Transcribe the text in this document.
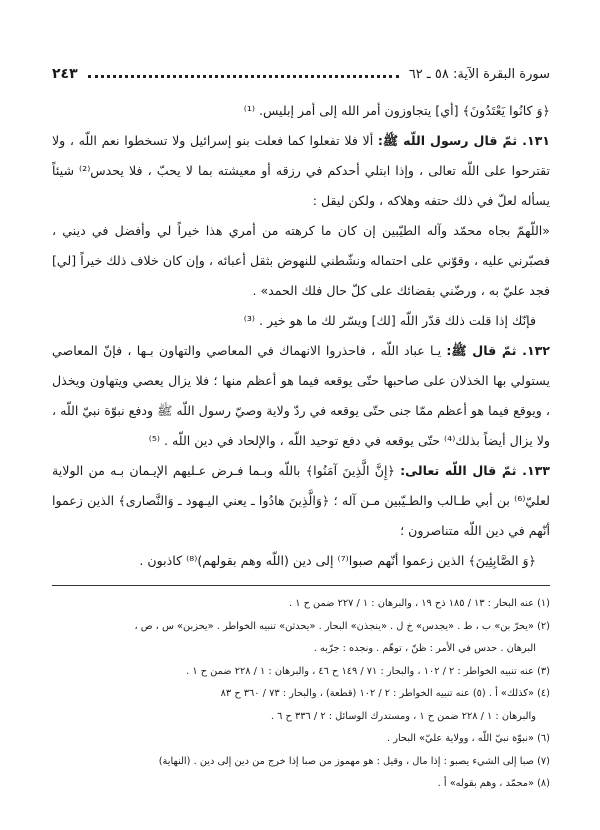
سورة البقرة الآية: ٥٨ ـ ٦٢
٢٤٣

﴿وَ كانُوا يَعْتَدُونَ﴾ [أي] يتجاوزون أمر الله إلى أمر إبليس. ⁽¹⁾

١٣١. ثمّ قال رسول اللّه ﷺ: ألا فلا تفعلوا كما فعلت بنو إسرائيل ولا تسخطوا نعم اللّه ، ولا تقترحوا على اللّه تعالى ، وإذا ابتلي أحدكم في رزقه أو معيشته بما لا يحبّ ، فلا يحدس⁽²⁾ شيئاً يسأله لعلّ في ذلك حتفه وهلاكه ، ولكن ليقل :

«اللّهمّ بجاه محمّد وآله الطيّبين إن كان ما كرهته من أمري هذا خيراً لي وأفضل في ديني ، فصبّرني عليه ، وقوّني على احتماله ونشّطني للنهوض بثقل أعبائه ، وإن كان خلاف ذلك خيراً [لي] فجد عليّ به ، ورضّني بقضائك على كلّ حال فلك الحمد» .

فإنّك إذا قلت ذلك قدّر اللّه [لك] ويسّر لك ما هو خير . ⁽³⁾

١٣٢. ثمّ قال ﷺ: يـا عباد اللّه ، فاحذروا الانهماك في المعاصي والتهاون بـها ، فإنّ المعاصي يستولي بها الخذلان على صاحبها حتّى يوقعه فيما هو أعظم منها ؛ فلا يزال يعصي ويتهاون ويخذل ، ويوقع فيما هو أعظم ممّا جنى حتّى يوقعه في ردّ ولاية وصيّ رسول اللّه ﷺ ودفع نبوّة نبيّ اللّه ، ولا يزال أيضاً بذلك⁽⁴⁾ حتّى يوقعه في دفع توحيد اللّه ، والإلحاد في دين اللّه . ⁽⁵⁾

١٣٣. ثمّ قال اللّه تعالى: ﴿إِنَّ الَّذِينَ آمَنُوا﴾ باللّه وبـما فـرض عـليهم الإيـمان بـه من الولاية لعليّ⁽⁶⁾ بن أبي طـالب والطـيّبين مـن آله ؛ ﴿وَالَّذِينَ هادُوا ـ يعني اليـهود ـ وَالنَّصارى﴾ الذين زعموا أنّهم في دين اللّه متناصرون ؛

﴿وَ الصَّابِئِينَ﴾ الذين زعموا أنّهم صبوا⁽⁷⁾ إلى دين (اللّه وهم بقولهم)⁽⁸⁾ كاذبون .

(١) عنه البحار : ١٣ / ١٨٥ ذح ١٩ ، والبرهان : ١ / ٢٢٧ ضمن ح ١ .

(٢) «يحرّ بن» ب ، ط . «يجدس» خ ل . «ينجذن» البحار . «يحدثن» تنبيه الخواطر . «يحزبن» س ، ص ،

البرهان . حدس في الأمر : ظنّ ، توهّم . ونجده : جرّبه .

(٣) عنه تنبيه الخواطر : ٢ / ١٠٢ ، والبحار : ٧١ / ١٤٩ ح ٤٦ ، والبرهان : ١ / ٢٢٨ ضمن ح ١ .

(٤) «كذلك» أ . (٥) عنه تنبيه الخواطر : ٢ / ١٠٢ (قطعة) ، والبحار : ٧٣ / ٣٦٠ ح ٨٣

والبرهان : ١ / ٢٢٨ ضمن ح ١ ، ومستدرك الوسائل : ٢ / ٣٣٦ ح ٦ .

(٦) «نبوّة نبيّ اللّه ، وولاية عليّ» البحار .

(٧) صبا إلى الشيء يصبو : إذا مال ، وقيل : هو مهموز من صبا إذا خرج من دين إلى دين . (النهاية)

(٨) «محمّد ، وهم بقوله» أ .
